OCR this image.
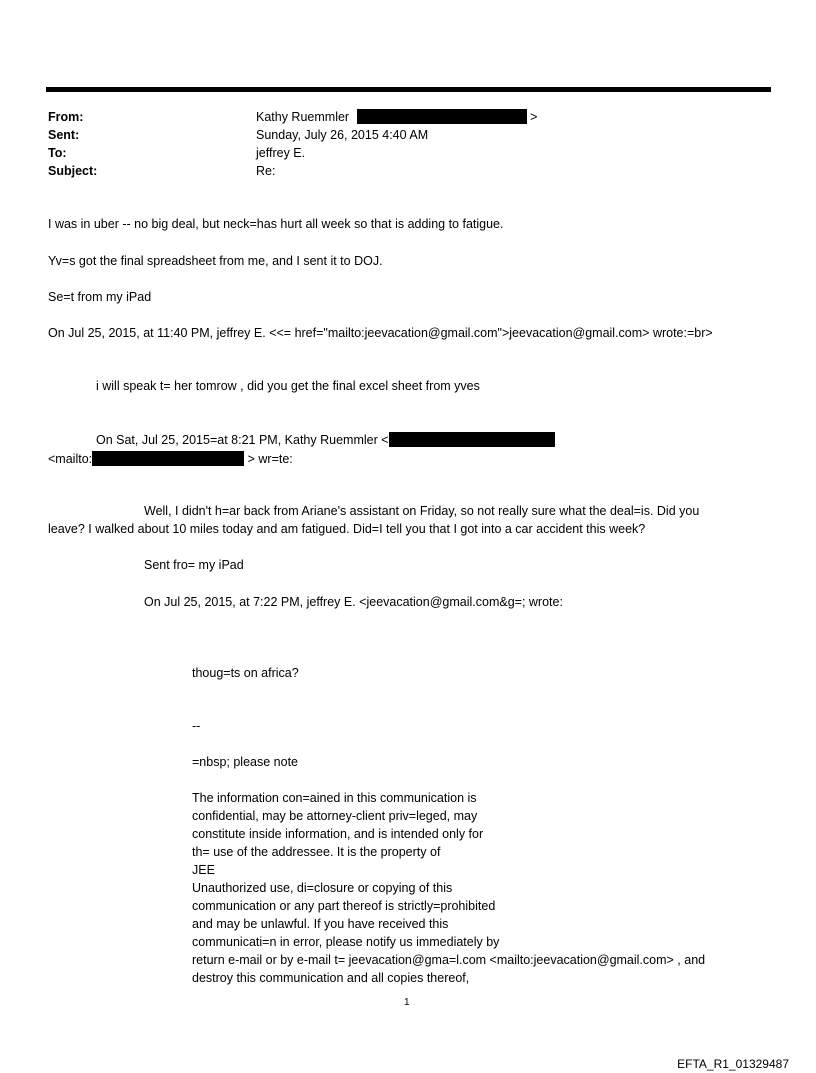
From:	Kathy Ruemmler	>
Sent:	Sunday, July 26, 2015 4:40 AM
To:	jeffrey E.
Subject:	Re:
I was in uber -- no big deal, but neck=has hurt all week so that is adding to fatigue.
Yv=s got the final spreadsheet from me, and I sent it to DOJ.
Se=t from my iPad
On Jul 25, 2015, at 11:40 PM, jeffrey E. <<= href="mailto:jeevacation@gmail.com">jeevacation@gmail.com> wrote:=br>
i will speak t= her tomrow , did you get the final excel sheet from yves
On Sat, Jul 25, 2015=at 8:21 PM, Kathy Ruemmler <
<mailto:	> wr=te:
Well, I didn't h=ar back from Ariane's assistant on Friday, so not really sure what the deal=is. Did you
leave? I walked about 10 miles today and am fatigued. Did=I tell you that I got into a car accident this week?
Sent fro= my iPad
On Jul 25, 2015, at 7:22 PM, jeffrey E. <jeevacation@gmail.com&g=; wrote:
thoug=ts on africa?
--
=nbsp; please note
The information con=ained in this communication is
confidential, may be attorney-client priv=leged, may
constitute inside information, and is intended only for
th= use of the addressee. It is the property of
JEE
Unauthorized use, di=closure or copying of this
communication or any part thereof is strictly=prohibited
and may be unlawful. If you have received this
communicati=n in error, please notify us immediately by
return e-mail or by e-mail t= jeevacation@gma=l.com <mailto:jeevacation@gmail.com> , and
destroy this communication and all copies thereof,
1
EFTA_R1_01329487
